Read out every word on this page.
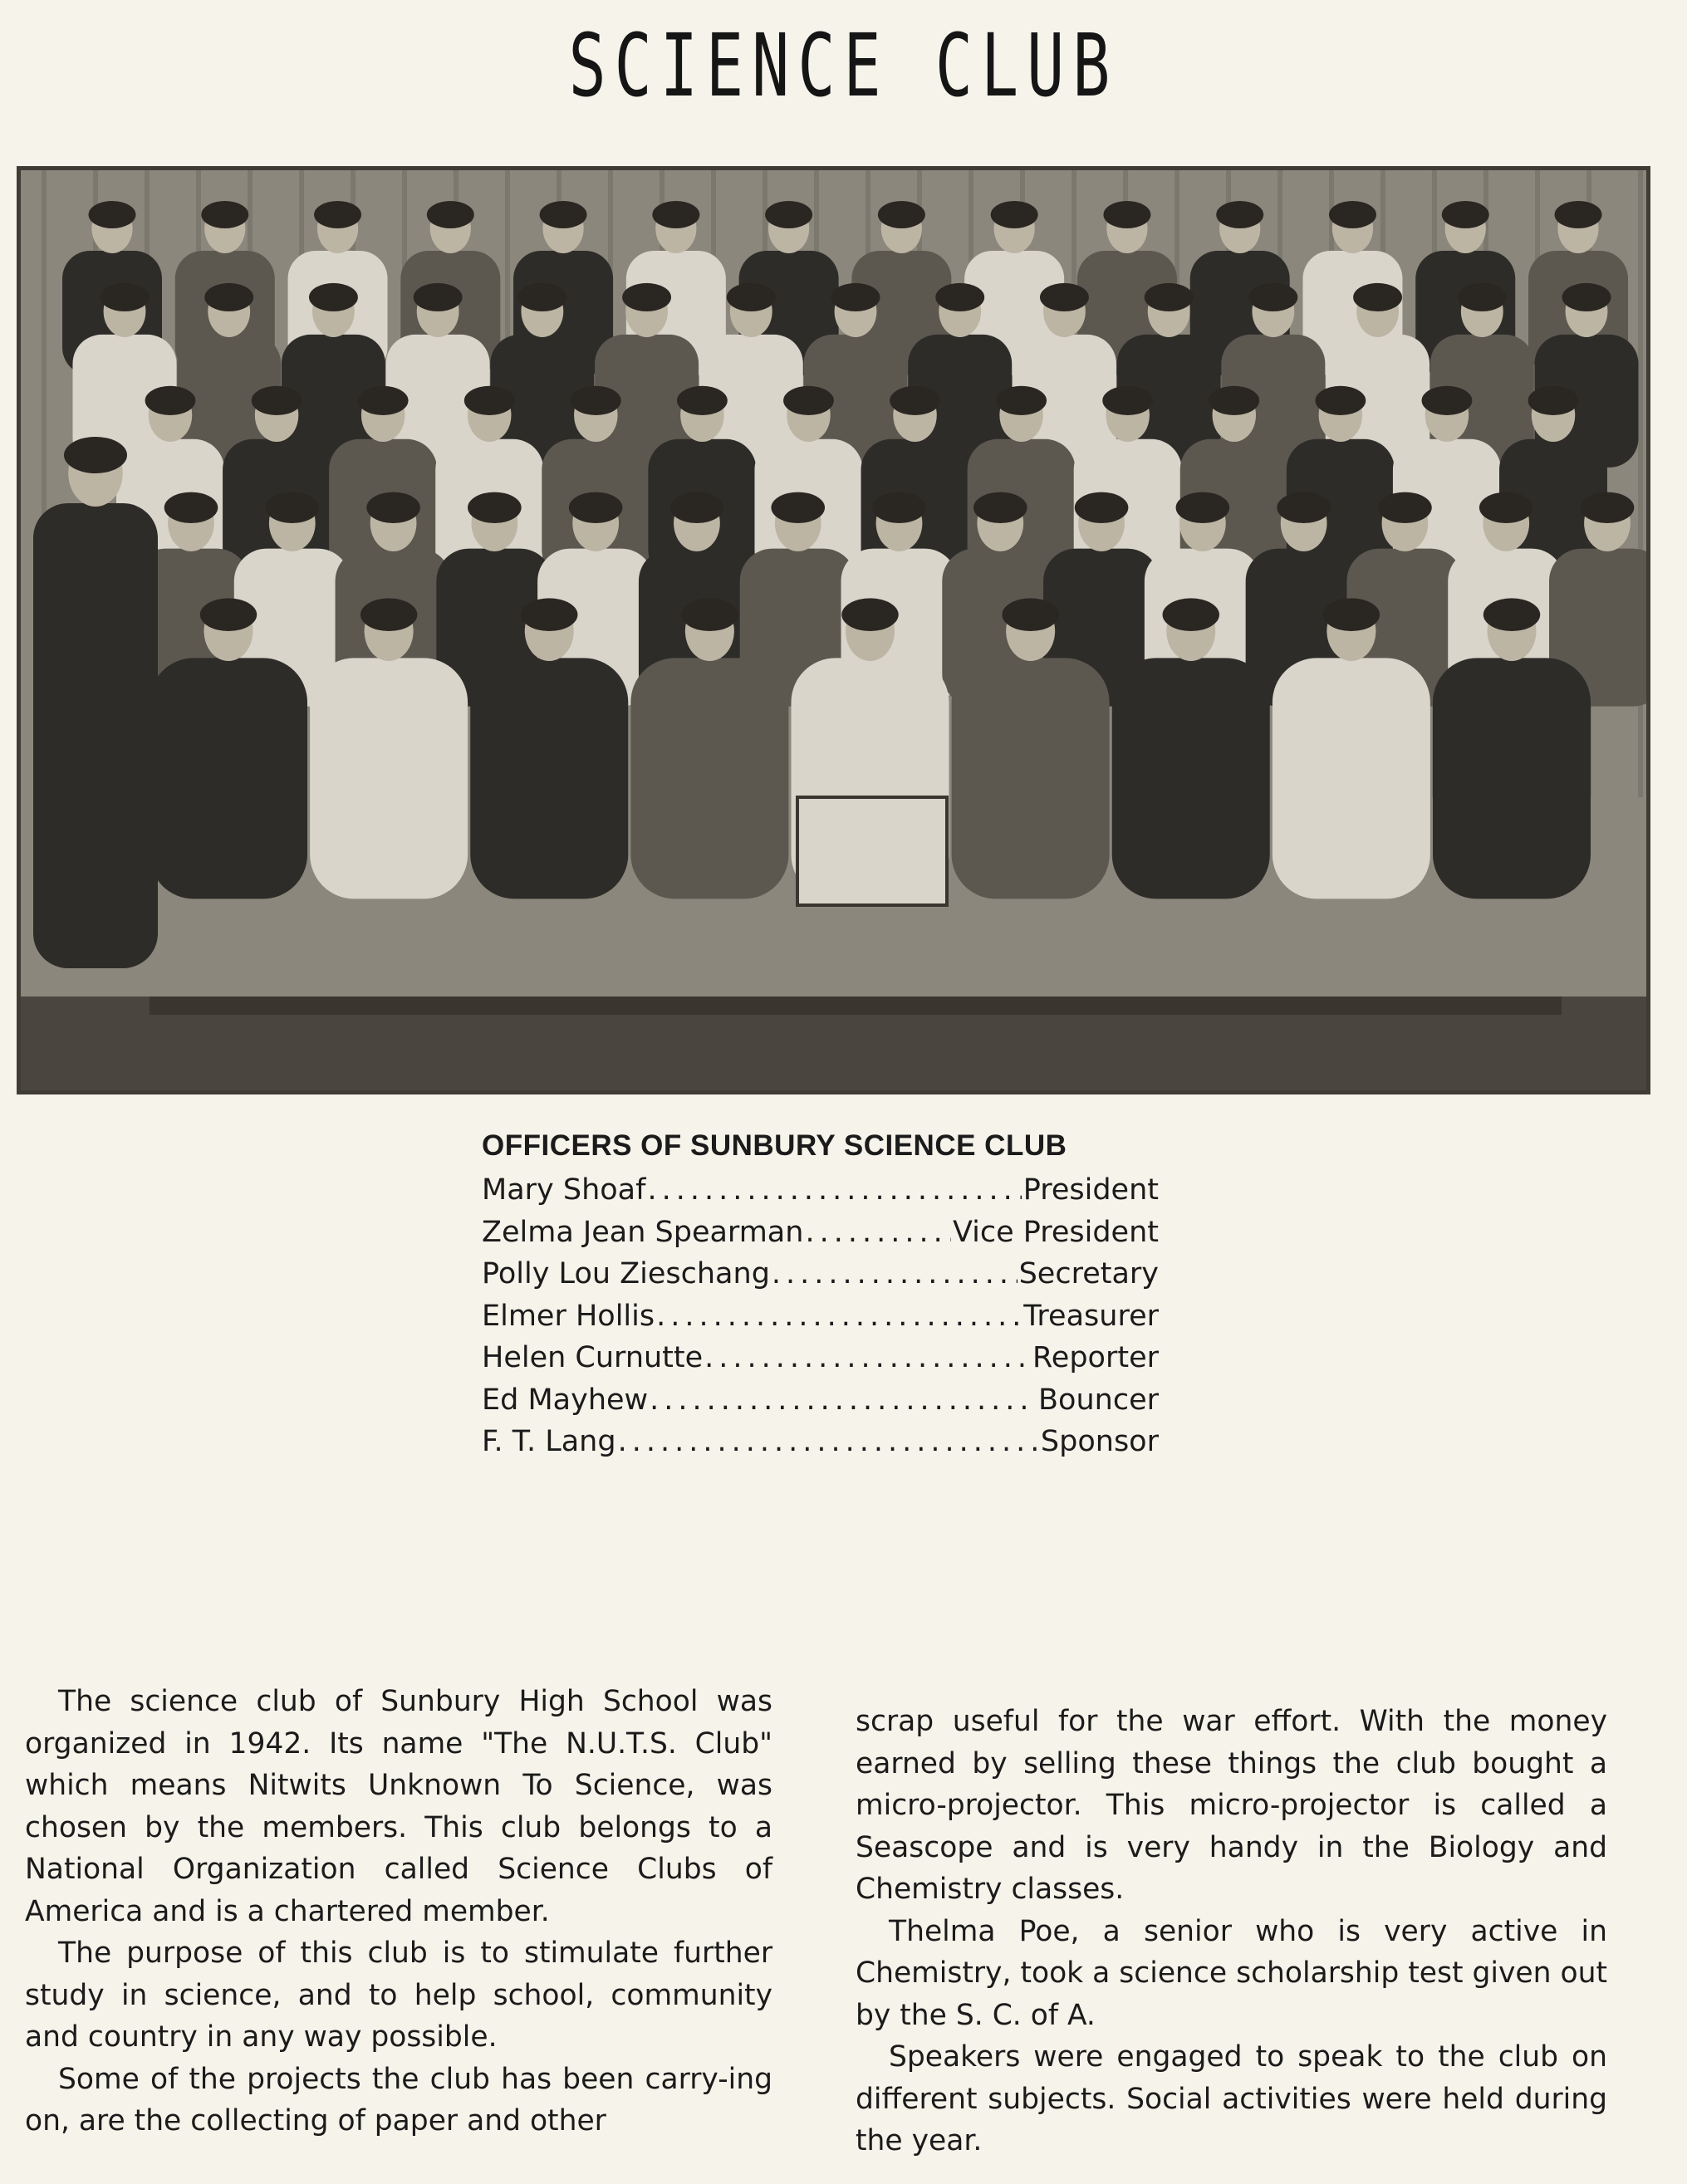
SCIENCE CLUB
OFFICERS OF SUNBURY SCIENCE CLUB
Mary Shoaf .....	President
Zelma Jean Spearman .....	Vice President
Polly Lou Zieschang .....	Secretary
Elmer Hollis .....	Treasurer
Helen Curnutte .....	Reporter
Ed Mayhew .....	Bouncer
F. T. Lang .....	Sponsor

The science club of Sunbury High School was organized in 1942. Its name "The N.U.T.S. Club" which means Nitwits Unknown To Science, was chosen by the members. This club belongs to a National Organization called Science Clubs of America and is a chartered member.

The purpose of this club is to stimulate further study in science, and to help school, community and country in any way possible.

Some of the projects the club has been carry-ing on, are the collecting of paper and other

scrap useful for the war effort. With the money earned by selling these things the club bought a micro-projector. This micro-projector is called a Seascope and is very handy in the Biology and Chemistry classes.

Thelma Poe, a senior who is very active in Chemistry, took a science scholarship test given out by the S. C. of A.

Speakers were engaged to speak to the club on different subjects. Social activities were held during the year.
